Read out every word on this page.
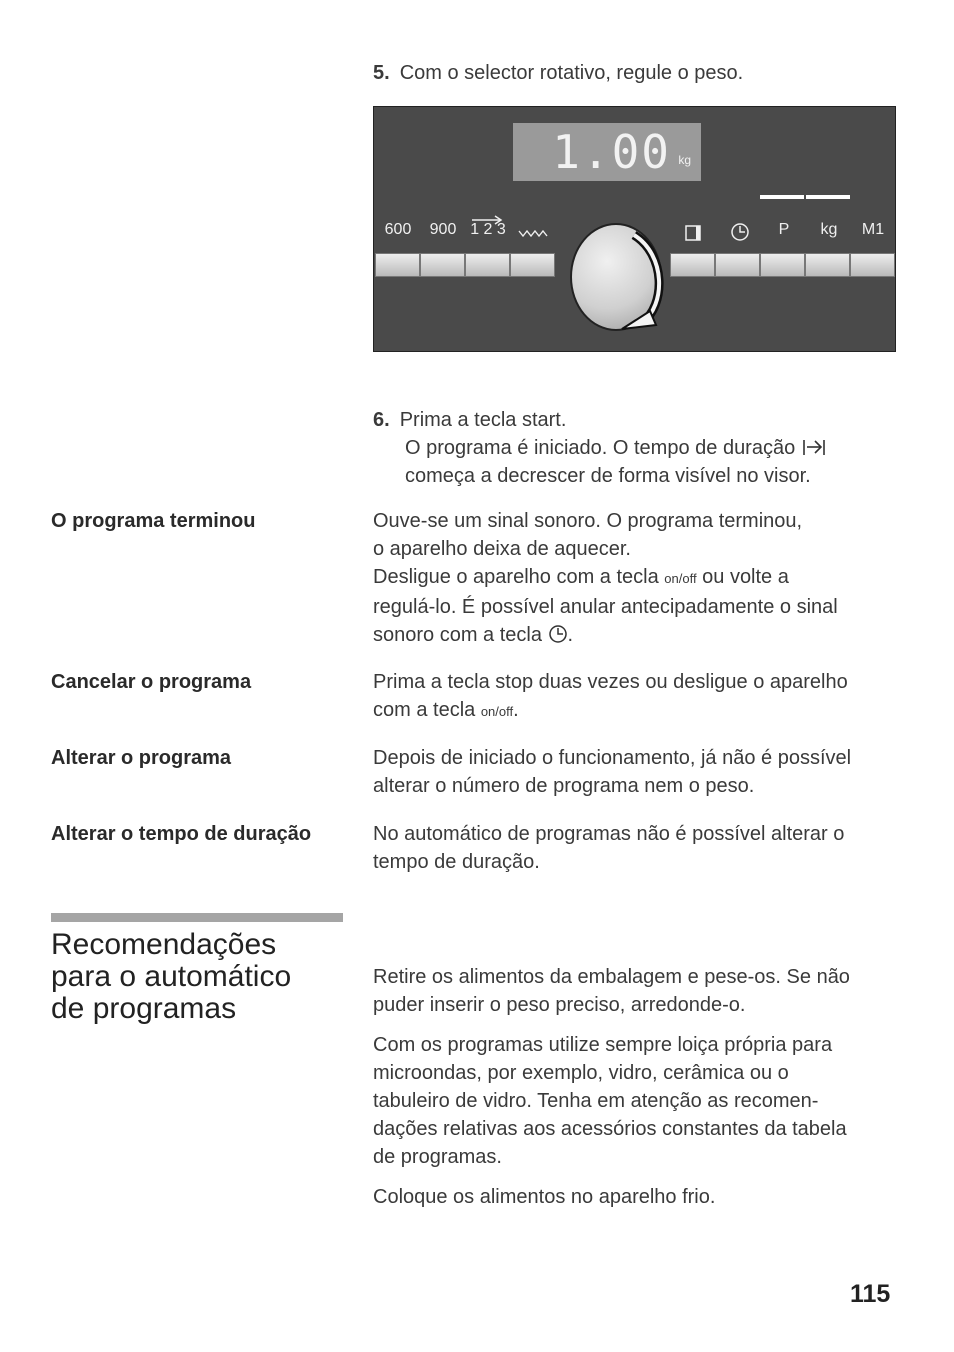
5. Com o selector rotativo, regule o peso.
1.00 kg
600 900 1 2 3	P kg M1
6. Prima a tecla start.
O programa é iniciado. O tempo de duração
começa a decrescer de forma visível no visor.
O programa terminou	Ouve-se um sinal sonoro. O programa terminou,
o aparelho deixa de aquecer.
Desligue o aparelho com a tecla on/off ou volte a
regulá-lo. É possível anular antecipadamente o sinal
sonoro com a tecla .
Cancelar o programa	Prima a tecla stop duas vezes ou desligue o aparelho
com a tecla on/off.
Alterar o programa	Depois de iniciado o funcionamento, já não é possível
alterar o número de programa nem o peso.
Alterar o tempo de duração	No automático de programas não é possível alterar o
tempo de duração.
Recomendações
para o automático
de programas
Retire os alimentos da embalagem e pese-os. Se não
puder inserir o peso preciso, arredonde-o.
Com os programas utilize sempre loiça própria para
microondas, por exemplo, vidro, cerâmica ou o
tabuleiro de vidro. Tenha em atenção as recomen-
dações relativas aos acessórios constantes da tabela
de programas.
Coloque os alimentos no aparelho frio.
115
